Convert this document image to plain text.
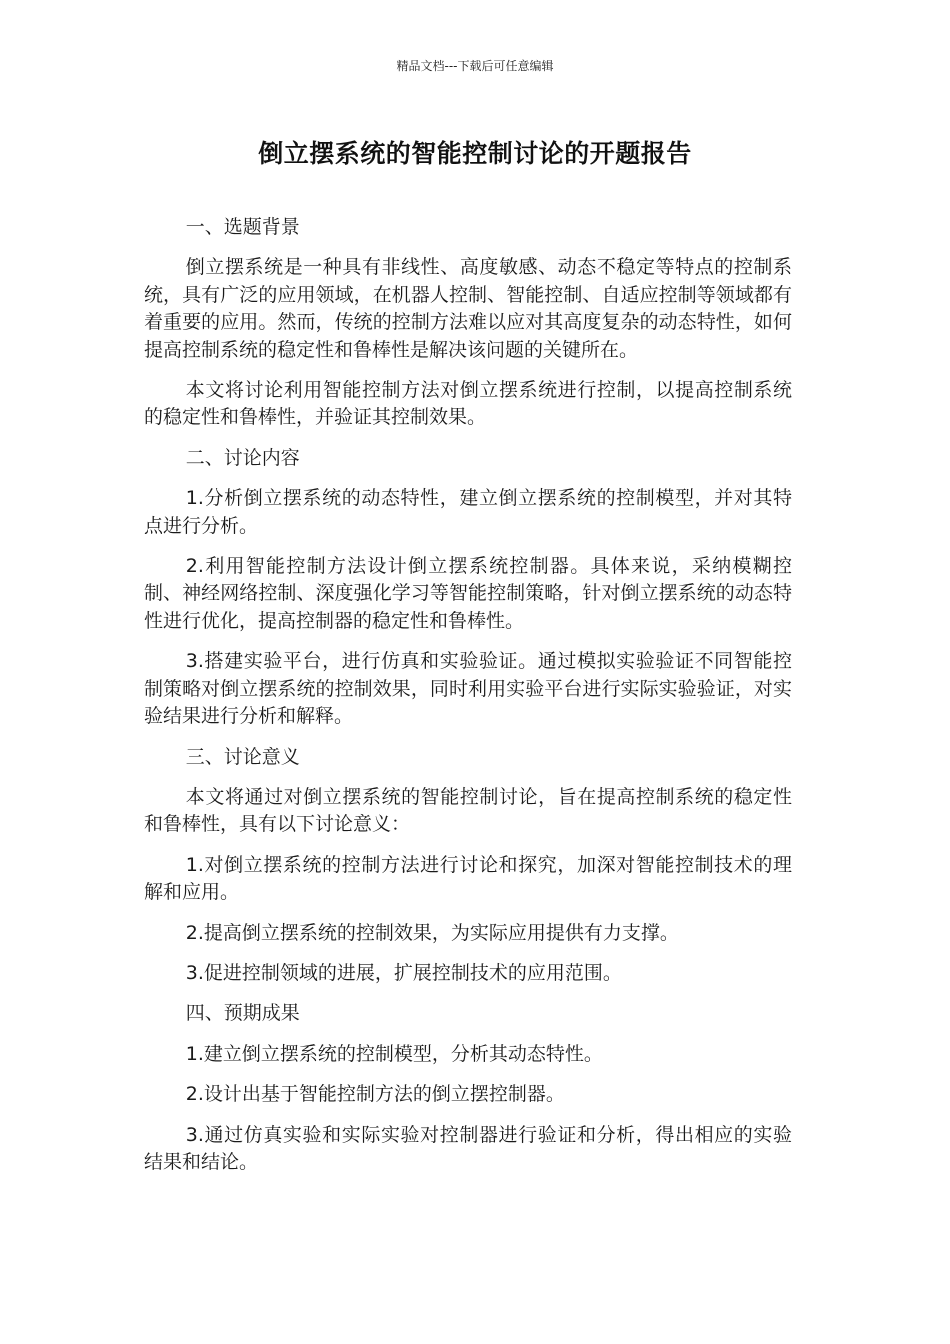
精品文档---下载后可任意编辑
倒立摆系统的智能控制讨论的开题报告

一、选题背景

倒立摆系统是一种具有非线性、高度敏感、动态不稳定等特点的控制系统，具有广泛的应用领域，在机器人控制、智能控制、自适应控制等领域都有着重要的应用。然而，传统的控制方法难以应对其高度复杂的动态特性，如何提高控制系统的稳定性和鲁棒性是解决该问题的关键所在。

本文将讨论利用智能控制方法对倒立摆系统进行控制，以提高控制系统的稳定性和鲁棒性，并验证其控制效果。

二、讨论内容

1.分析倒立摆系统的动态特性，建立倒立摆系统的控制模型，并对其特点进行分析。

2.利用智能控制方法设计倒立摆系统控制器。具体来说，采纳模糊控制、神经网络控制、深度强化学习等智能控制策略，针对倒立摆系统的动态特性进行优化，提高控制器的稳定性和鲁棒性。

3.搭建实验平台，进行仿真和实验验证。通过模拟实验验证不同智能控制策略对倒立摆系统的控制效果，同时利用实验平台进行实际实验验证，对实验结果进行分析和解释。

三、讨论意义

本文将通过对倒立摆系统的智能控制讨论，旨在提高控制系统的稳定性和鲁棒性，具有以下讨论意义：

1.对倒立摆系统的控制方法进行讨论和探究，加深对智能控制技术的理解和应用。

2.提高倒立摆系统的控制效果，为实际应用提供有力支撑。

3.促进控制领域的进展，扩展控制技术的应用范围。

四、预期成果

1.建立倒立摆系统的控制模型，分析其动态特性。

2.设计出基于智能控制方法的倒立摆控制器。

3.通过仿真实验和实际实验对控制器进行验证和分析，得出相应的实验结果和结论。
